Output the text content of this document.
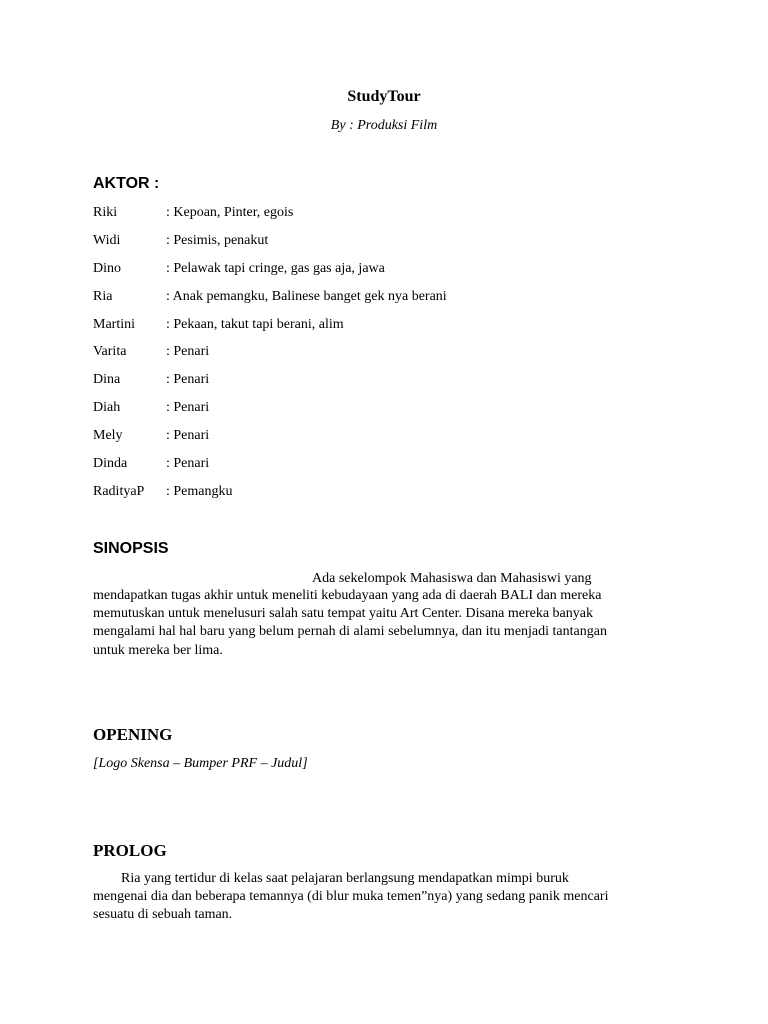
StudyTour
By : Produksi Film
AKTOR :
Riki	: Kepoan, Pinter, egois
Widi	: Pesimis, penakut
Dino	: Pelawak tapi cringe, gas gas aja, jawa
Ria	: Anak pemangku, Balinese banget gek nya berani
Martini : Pekaan, takut tapi berani, alim
Varita	: Penari
Dina	: Penari
Diah	: Penari
Mely	: Penari
Dinda	: Penari
RadityaP : Pemangku
SINOPSIS
Ada sekelompok Mahasiswa dan Mahasiswi yang
mendapatkan tugas akhir untuk meneliti kebudayaan yang ada di daerah BALI dan mereka
memutuskan untuk menelusuri salah satu tempat yaitu Art Center. Disana mereka banyak
mengalami hal hal baru yang belum pernah di alami sebelumnya, dan itu menjadi tantangan
untuk mereka ber lima.
OPENING
[Logo Skensa – Bumper PRF – Judul]
PROLOG
Ria yang tertidur di kelas saat pelajaran berlangsung mendapatkan mimpi buruk
mengenai dia dan beberapa temannya (di blur muka temen”nya) yang sedang panik mencari
sesuatu di sebuah taman.
